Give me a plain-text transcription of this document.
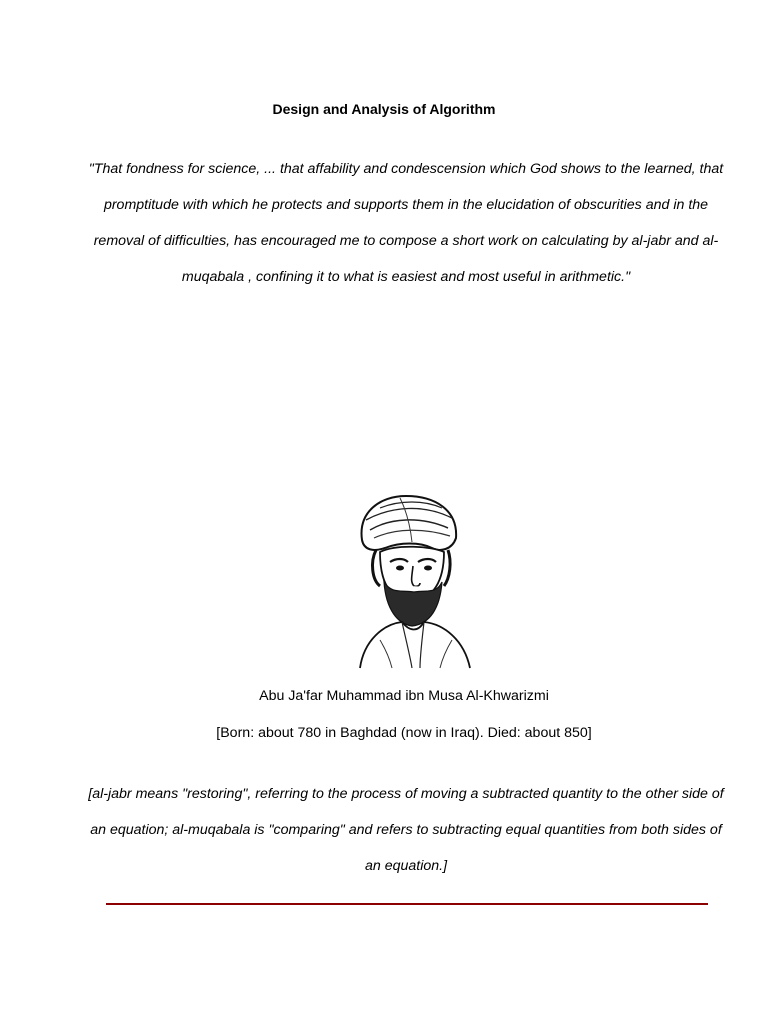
Design and Analysis of Algorithm

"That fondness for science, ... that affability and condescension which God shows to the learned, that promptitude with which he protects and supports them in the elucidation of obscurities and in the removal of difficulties, has encouraged me to compose a short work on calculating by al-jabr and al-muqabala , confining it to what is easiest and most useful in arithmetic."

Abu Ja'far Muhammad ibn Musa Al-Khwarizmi
[Born: about 780 in Baghdad (now in Iraq). Died: about 850]

[al-jabr means "restoring", referring to the process of moving a subtracted quantity to the other side of an equation; al-muqabala is "comparing" and refers to subtracting equal quantities from both sides of an equation.]
